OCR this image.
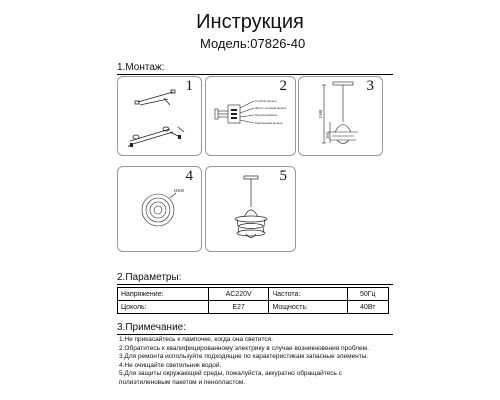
Инструкция
Модель:07826-40
1.Монтаж:
1	2
Голубой провод
Желто-зеленый провод
Предохранитель
Коричневый провод
3
1500
260
4
Ø400
5
2.Параметры:
Напряжение:	AC220V	Частота:	50Гц
Цоколь:	E27	Мощность:	40Вт
3.Примечание:
1.Не прикасайтесь к лампочке, когда она светится.
2.Обратитесь к квалифицированному электрику в случае возникновения проблем.
3.Для ремонта используйте подходящие по характеристикам запасные элементы.
4.Не очищайте светильник водой.
5.Для защиты окружающей среды, пожалуйста, аккуратно обращайтесь с
полиэтиленовым пакетом и пенопластом.
